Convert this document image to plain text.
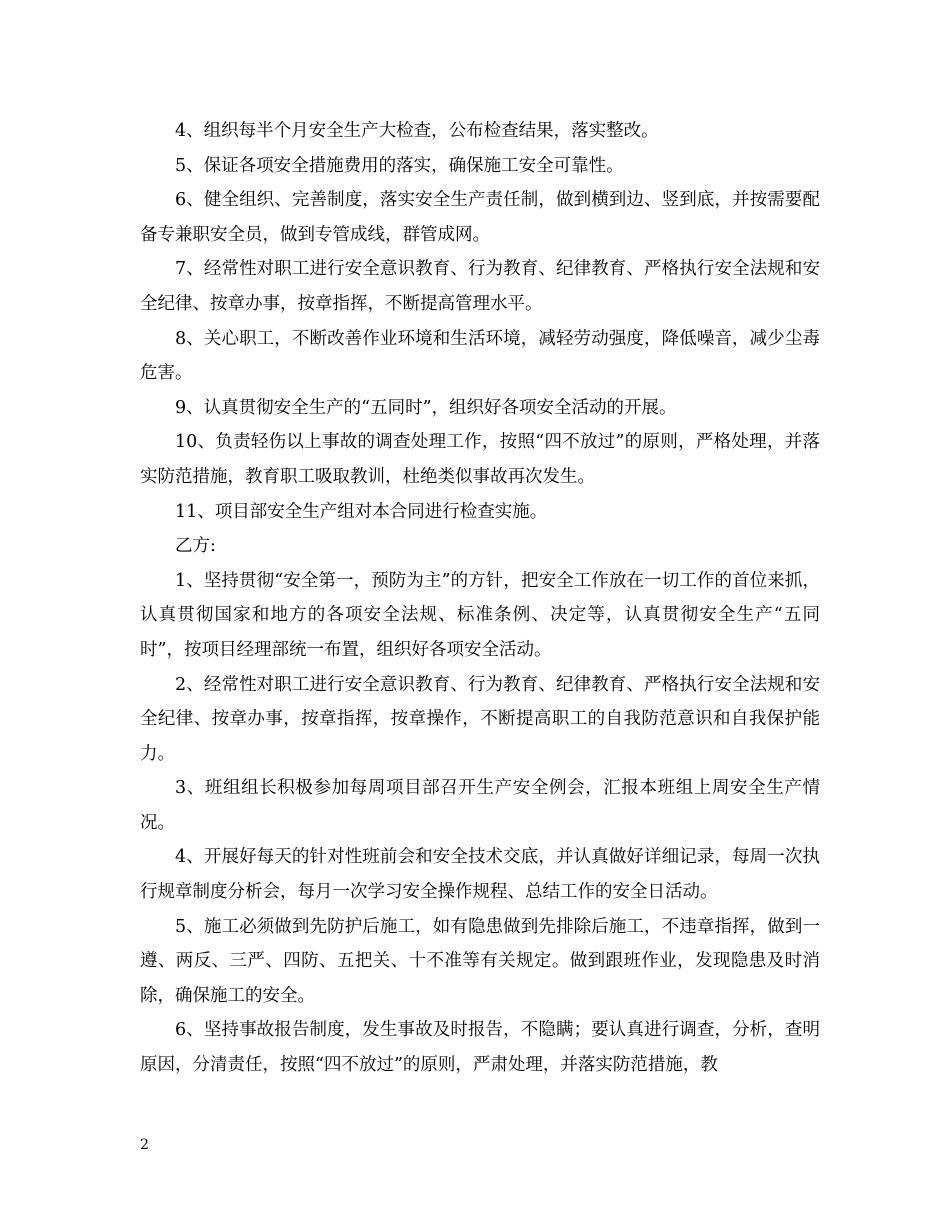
4、组织每半个月安全生产大检查，公布检查结果，落实整改。

5、保证各项安全措施费用的落实，确保施工安全可靠性。

6、健全组织、完善制度，落实安全生产责任制，做到横到边、竖到底，并按需要配备专兼职安全员，做到专管成线，群管成网。

7、经常性对职工进行安全意识教育、行为教育、纪律教育、严格执行安全法规和安全纪律、按章办事，按章指挥，不断提高管理水平。

8、关心职工，不断改善作业环境和生活环境，减轻劳动强度，降低噪音，减少尘毒危害。

9、认真贯彻安全生产的“五同时”，组织好各项安全活动的开展。

10、负责轻伤以上事故的调查处理工作，按照“四不放过”的原则，严格处理，并落实防范措施，教育职工吸取教训，杜绝类似事故再次发生。

11、项目部安全生产组对本合同进行检查实施。

乙方:

1、坚持贯彻“安全第一，预防为主”的方针，把安全工作放在一切工作的首位来抓，认真贯彻国家和地方的各项安全法规、标准条例、决定等，认真贯彻安全生产“五同时”，按项目经理部统一布置，组织好各项安全活动。

2、经常性对职工进行安全意识教育、行为教育、纪律教育、严格执行安全法规和安全纪律、按章办事，按章指挥，按章操作，不断提高职工的自我防范意识和自我保护能力。

3、班组组长积极参加每周项目部召开生产安全例会，汇报本班组上周安全生产情况。

4、开展好每天的针对性班前会和安全技术交底，并认真做好详细记录，每周一次执行规章制度分析会，每月一次学习安全操作规程、总结工作的安全日活动。

5、施工必须做到先防护后施工，如有隐患做到先排除后施工，不违章指挥，做到一遵、两反、三严、四防、五把关、十不准等有关规定。做到跟班作业，发现隐患及时消除，确保施工的安全。

6、坚持事故报告制度，发生事故及时报告，不隐瞒；要认真进行调查，分析，查明原因，分清责任，按照“四不放过”的原则，严肃处理，并落实防范措施，教

2
